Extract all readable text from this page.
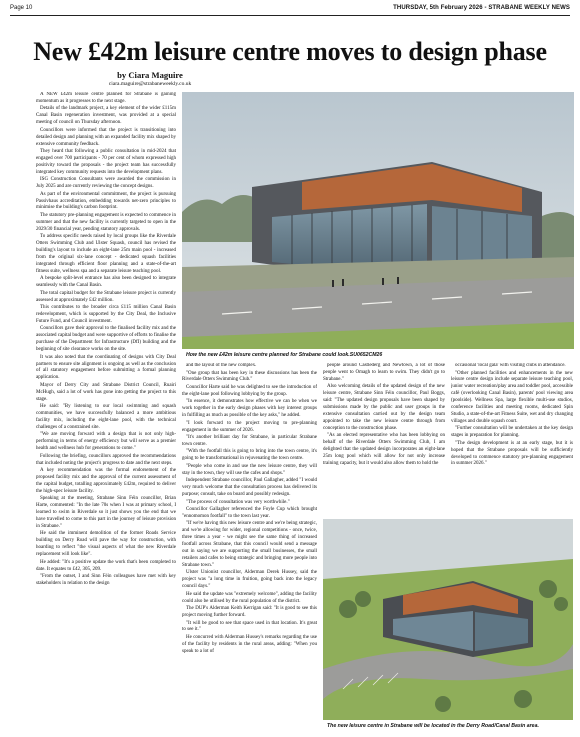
Page 10	THURSDAY, 5th February 2026 - STRABANE WEEKLY NEWS
New £42m leisure centre moves to design phase
by Ciara Maguire
ciara.maguire@strabaneweekly.co.uk

A NEW £42m leisure centre planned for Strabane is gaining momentum as it progresses to the next stage.

Details of the landmark project, a key element of the wider £115m Canal Basin regeneration investment, was provided at a special meeting of council on Thursday afternoon.

Councillors were informed that the project is transitioning into detailed design and planning with an expanded facility mix shaped by extensive community feedback.

They heard that following a public consultation in mid-2024 that engaged over 700 participants - 70 per cent of whom expressed high positivity toward the proposals - the project team has successfully integrated key community requests into the development plans.

ISG Construction Consultants were awarded the commission in July 2025 and are currently reviewing the concept designs.

As part of the environmental commitment, the project is pursuing Passivhaus accreditation, embedding towards net-zero principles to minimise the building's carbon footprint.

The statutory pre-planning engagement is expected to commence in summer and that the new facility is currently targeted to open in the 2029/30 financial year, pending statutory approvals.

To address specific needs raised by local groups like the Riverdale Otters Swimming Club and Ulster Squash, council has revised the building's layout to include an eight-lane 25m main pool - increased from the original six-lane concept - dedicated squash facilities integrated through efficient floor planning and a state-of-the-art fitness suite, wellness spa and a separate leisure teaching pool.

A bespoke split-level entrance has also been designed to integrate seamlessly with the Canal Basin.

The total capital budget for the Strabane leisure project is currently assessed at approximately £42 million.

This contributes to the broader circa £115 million Canal Basin redevelopment, which is supported by the City Deal, the Inclusive Future Fund, and Council investment.

Councillors gave their approval to the finalised facility mix and the associated capital budget and were supportive of efforts to finalise the purchase of the Department for Infrastructure (DfI) building and the beginning of site clearance works on the site.

It was also noted that the coordinating of designs with City Deal partners to ensure site alignment is ongoing as well as the conclusion of all statutory engagement before submitting a formal planning application.

Mayor of Derry City and Strabane District Council, Ruairi McHugh, said a lot of work has gone into getting the project to this stage.

He said: "By listening to our local swimming and squash communities, we have successfully balanced a more ambitious facility mix, including the eight-lane pool, with the technical challenges of a constrained site.

"We are moving forward with a design that is not only high-performing in terms of energy efficiency but will serve as a premier health and wellness hub for generations to come."

Following the briefing, councillors approved the recommendations that included noting the project's progress to date and the next steps.

A key recommendation was the formal endorsement of the proposed facility mix and the approval of the current assessment of the capital budget, totalling approximately £42m, required to deliver the high-spec leisure facility.

Speaking at the meeting, Strabane Sinn Féin councillor, Brian Harte, commented: "In the late 70s when I was at primary school, I learned to swim in Riverdale so it just shows you the end that we have travelled to come to this part in the journey of leisure provision in Strabane."

He said the imminent demolition of the former Roads Service building on Derry Road will pave the way for construction, with hoarding to reflect "the visual aspects of what the new Riverdale replacement will look like".

He added: "It's a positive update the work that's been completed to date. It equates to £42, 305, 209.

"From the outset, I and Sinn Féin colleagues have met with key stakeholders in relation to the design

How the new £42m leisure centre planned for Strabane could look.SU0652CM26

and the layout of the new complex.

"One group that has been key in these discussions has been the Riverdale Otters Swimming Club."

Councillor Harte said he was delighted to see the introduction of the eight-lane pool following lobbying by the group.

"In essence, it demonstrates how effective we can be when we work together in the early design phases with key interest groups in fulfilling as much as possible of the key asks," he added.

"I look forward to the project moving to pre-planning engagement in the summer of 2026.

"It's another brilliant day for Strabane, in particular Strabane town centre.

"With the footfall this is going to bring into the town centre, it's going to be transformational in rejuvenating the town centre.

"People who come in and use the new leisure centre, they will stay in the town, they will use the cafes and shops."

Independent Strabane councillor, Paul Gallagher, added "I would very much welcome that the consultation process has delivered its purpose; consult, take on board and possibly redesign.

"The process of consultation was very worthwhile."

Councillor Gallagher referenced the Foyle Cup which brought "ennomomon footfall" to the town last year.

"If we're having this new leisure centre and we're being strategic, and we're allowing for wider, regional competitions - once, twice, three times a year - we might see the same thing of increased footfall across Strabane, that this council would send a message out in saying we are supporting the small businesses, the small retailers and cafes to being strategic and bringing more people into Strabane town."

Ulster Unionist councillor, Alderman Derek Hussey, said the project was "a long time in fruition, going back into the legacy council days."

He said the update was "extremely welcome", adding the facility could also be utilised by the rural population of the district.

The DUP's Alderman Keith Kerrigan said: "It is good to see this project moving further forward.

"It will be good to see that space used in that location. It's great to see it."

He concurred with Alderman Hussey's remarks regarding the use of the facility by residents in the rural areas, adding: "When you speak to a lot of

people around Castlederg and Newtown, a lot of those people went to Omagh to learn to swim. They didn't go to Strabane."

Also welcoming details of the updated design of the new leisure centre, Strabane Sinn Féin councillor, Paul Boggs, said: "The updated design proposals have been shaped by submissions made by the public and user groups in the extensive consultation carried out by the design team appointed to take the new leisure centre through from conception to the construction phase.

"As an elected representative who has been lobbying on behalf of the Riverdale Otters Swimming Club, I am delighted that the updated design incorporates an eight-lane 25m long pool which will allow for not only increase training capacity, but it would also allow them to hold the

occasional 'local gala' with visiting clubs in attendance.

"Other planned facilities and enhancements in the new leisure centre design include separate leisure teaching pool, junior water recreation/play area and toddler pool, accessible café (overlooking Canal Basin), parents' pool viewing area (poolside). Wellness Spa, large flexible multi-use studios, conference facilities and meeting rooms, dedicated Spin Studio, a state-of-the-art Fitness Suite, wet and dry changing villages and double squash court.

"Further consultation will be undertaken at the key design stages in preparation for planning.

"The design development is at an early stage, but it is hoped that the Strabane proposals will be sufficiently developed to commence statutory pre-planning engagement in summer 2026."

The new leisure centre in Strabane will be located in the Derry Road/Canal Basin area.
